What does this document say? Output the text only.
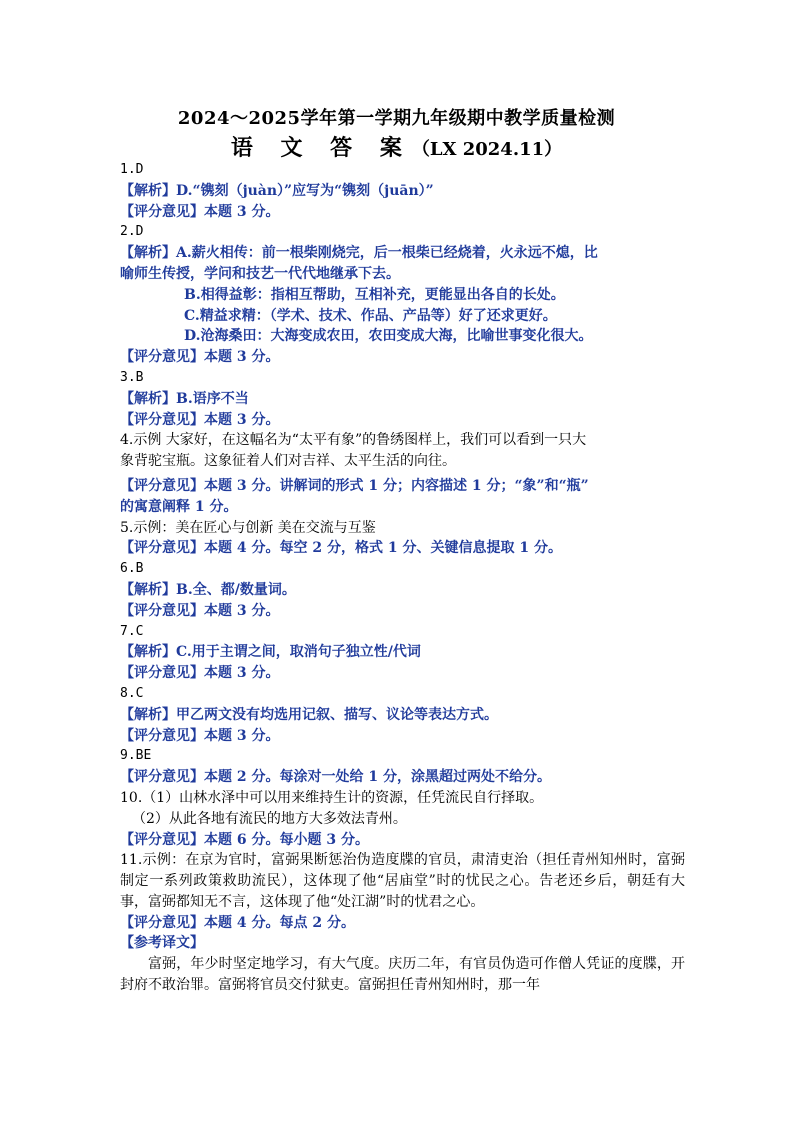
2024～2025学年第一学期九年级期中教学质量检测
语 文 答 案（LX 2024.11）
1.D
【解析】D.“镌刻（juàn）”应写为“镌刻（juān）”
【评分意见】本题 3 分。
2.D
【解析】A.薪火相传：前一根柴刚烧完，后一根柴已经烧着，火永远不熄，比
喻师生传授，学问和技艺一代代地继承下去。
B.相得益彰：指相互帮助，互相补充，更能显出各自的长处。
C.精益求精：（学术、技术、作品、产品等）好了还求更好。
D.沧海桑田：大海变成农田，农田变成大海，比喻世事变化很大。
【评分意见】本题 3 分。
3.B
【解析】B.语序不当
【评分意见】本题 3 分。
4.示例 大家好，在这幅名为“太平有象”的鲁绣图样上，我们可以看到一只大
象背驼宝瓶。这象征着人们对吉祥、太平生活的向往。
【评分意见】本题 3 分。讲解词的形式 1 分；内容描述 1 分；“象”和“瓶”
的寓意阐释 1 分。
5.示例：美在匠心与创新 美在交流与互鉴
【评分意见】本题 4 分。每空 2 分，格式 1 分、关键信息提取 1 分。
6.B
【解析】B.全、都/数量词。
【评分意见】本题 3 分。
7.C
【解析】C.用于主谓之间，取消句子独立性/代词
【评分意见】本题 3 分。
8.C
【解析】甲乙两文没有均选用记叙、描写、议论等表达方式。
【评分意见】本题 3 分。
9.BE
【评分意见】本题 2 分。每涂对一处给 1 分，涂黑超过两处不给分。
10.（1）山林水泽中可以用来维持生计的资源，任凭流民自行择取。
（2）从此各地有流民的地方大多效法青州。
【评分意见】本题 6 分。每小题 3 分。
11.示例：在京为官时，富弼果断惩治伪造度牒的官员，肃清吏治（担任青州知州时，富弼制定一系列政策救助流民），这体现了他“居庙堂”时的忧民之心。告老还乡后，朝廷有大事，富弼都知无不言，这体现了他“处江湖”时的忧君之心。
【评分意见】本题 4 分。每点 2 分。
【参考译文】
富弼，年少时坚定地学习，有大气度。庆历二年，有官员伪造可作僧人凭证的度牒，开封府不敢治罪。富弼将官员交付狱吏。富弼担任青州知州时，那一年
